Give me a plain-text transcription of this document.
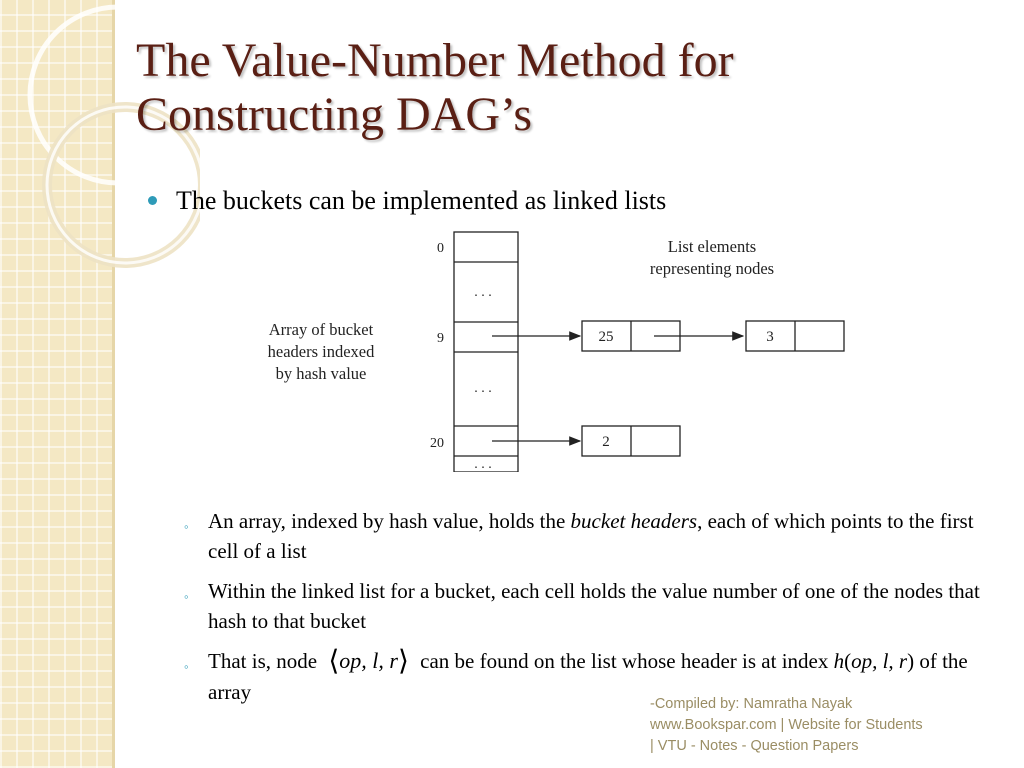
The Value-Number Method for
Constructing DAG’s
The buckets can be implemented as linked lists
Array of bucket
headers indexed
by hash value
List elements
representing nodes
0
9
20
. . .
. . .
. . .
25	3
2
◦ An array, indexed by hash value, holds the bucket headers, each of which points to the first cell of a list
◦ Within the linked list for a bucket, each cell holds the value number of one of the nodes that hash to that bucket
◦ That is, node ⟨op, l, r⟩ can be found on the list whose header is at index h(op, l, r) of the array	-Compiled by: Namratha Nayak
www.Bookspar.com | Website for Students
| VTU - Notes - Question Papers
